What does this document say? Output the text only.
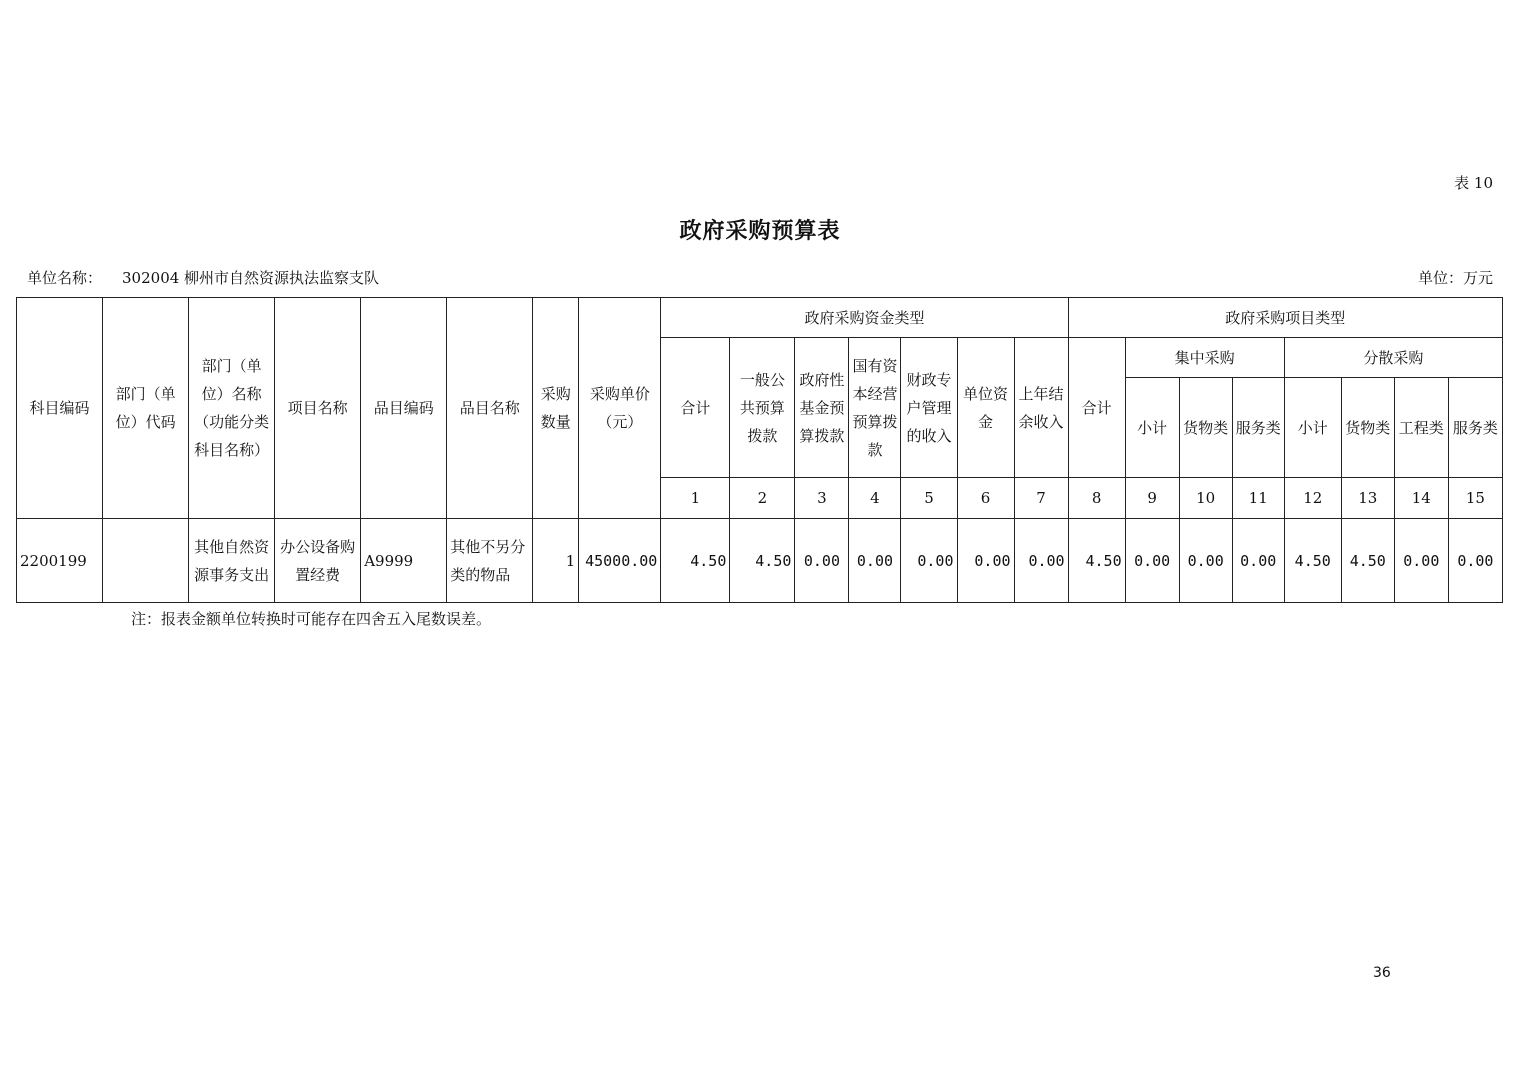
表 10
政府采购预算表
单位名称： 302004 柳州市自然资源执法监察支队	单位：万元
科目编码	部门（单位）代码	部门（单位）名称（功能分类科目名称）	项目名称	品目编码	品目名称	采购数量	采购单价（元）	政府采购资金类型							政府采购项目类型							
								合计	一般公共预算拨款	政府性基金预算拨款	国有资本经营预算拨款	财政专户管理的收入	单位资金	上年结余收入	合计	集中采购			分散采购			
																小计	货物类	服务类	小计	货物类	工程类	服务类
								1	2	3	4	5	6	7	8	9	10	11	12	13	14	15
2200199		其他自然资源事务支出	办公设备购置经费	A9999	其他不另分类的物品	1	45000.00	4.50	4.50	0.00	0.00	0.00	0.00	0.00	4.50	0.00	0.00	0.00	4.50	4.50	0.00	0.00
注：报表金额单位转换时可能存在四舍五入尾数误差。
36
